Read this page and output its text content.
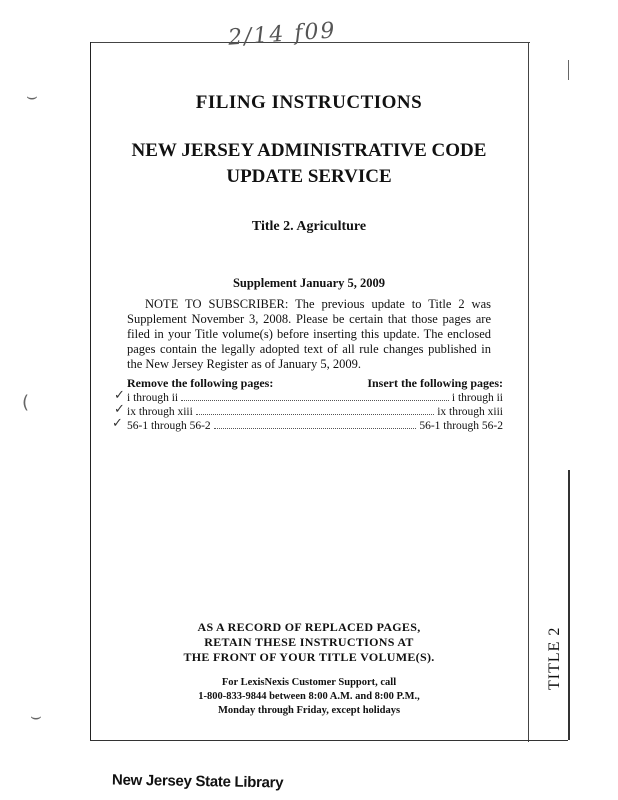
⌣
(
⌣
2/14 f09
FILING INSTRUCTIONS
NEW JERSEY ADMINISTRATIVE CODE
UPDATE SERVICE
Title 2. Agriculture
Supplement January 5, 2009
NOTE TO SUBSCRIBER: The previous update to Title 2 was Supplement November 3, 2008. Please be certain that those pages are filed in your Title volume(s) before inserting this update. The enclosed pages contain the legally adopted text of all rule changes published in the New Jersey Register as of January 5, 2009.
Remove the following pages:	Insert the following pages:
✓ i through ii	i through ii
✓ ix through xiii	ix through xiii
✓ 56-1 through 56-2	56-1 through 56-2
AS A RECORD OF REPLACED PAGES,
RETAIN THESE INSTRUCTIONS AT
THE FRONT OF YOUR TITLE VOLUME(S).
For LexisNexis Customer Support, call
1-800-833-9844 between 8:00 A.M. and 8:00 P.M.,
Monday through Friday, except holidays
TITLE 2
New Jersey State Library
